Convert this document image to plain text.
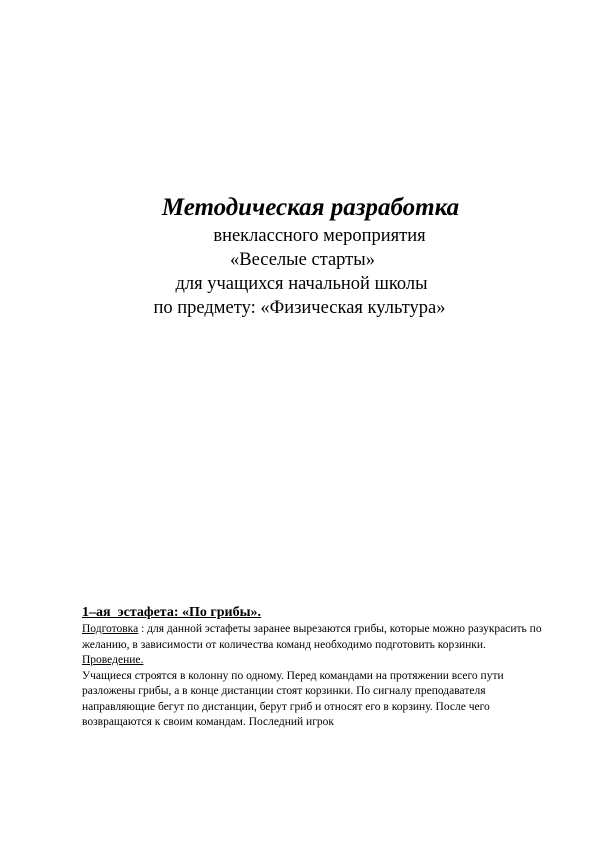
Методическая разработка

внеклассного мероприятия

«Веселые старты»

для учащихся начальной школы

по предмету: «Физическая культура»

1–ая  эстафета: «По грибы».

Подготовка : для данной эстафеты заранее вырезаются грибы, которые можно разукрасить по желанию, в зависимости от количества команд необходимо подготовить корзинки.

Проведение.

Учащиеся строятся в колонну по одному. Перед командами на протяжении всего пути разложены грибы, а в конце дистанции стоят корзинки. По сигналу преподавателя направляющие бегут по дистанции, берут гриб и относят его в корзину. После чего возвращаются к своим командам. Последний игрок
